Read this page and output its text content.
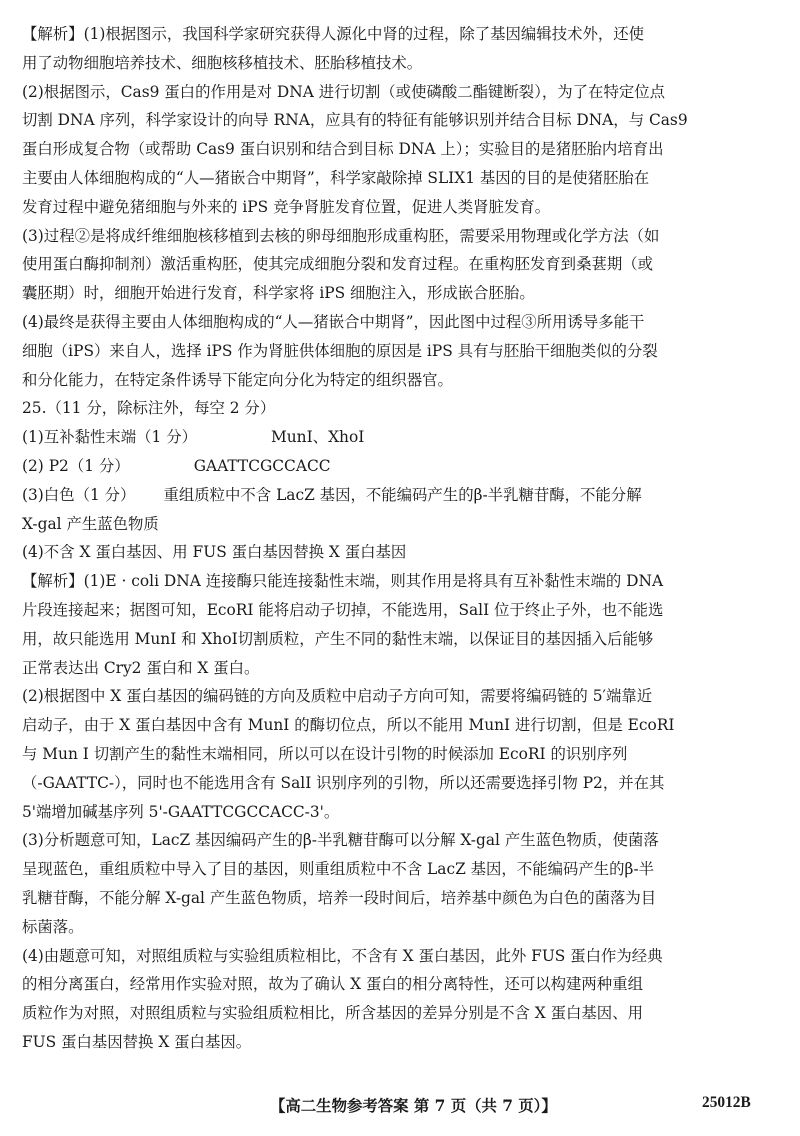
【解析】(1)根据图示，我国科学家研究获得人源化中肾的过程，除了基因编辑技术外，还使
用了动物细胞培养技术、细胞核移植技术、胚胎移植技术。
(2)根据图示，Cas9 蛋白的作用是对 DNA 进行切割（或使磷酸二酯键断裂），为了在特定位点
切割 DNA 序列，科学家设计的向导 RNA，应具有的特征有能够识别并结合目标 DNA，与 Cas9
蛋白形成复合物（或帮助 Cas9 蛋白识别和结合到目标 DNA 上）；实验目的是猪胚胎内培育出
主要由人体细胞构成的“人—猪嵌合中期肾”，科学家敲除掉 SLIX1 基因的目的是使猪胚胎在
发育过程中避免猪细胞与外来的 iPS 竞争肾脏发育位置，促进人类肾脏发育。
(3)过程②是将成纤维细胞核移植到去核的卵母细胞形成重构胚，需要采用物理或化学方法（如
使用蛋白酶抑制剂）激活重构胚，使其完成细胞分裂和发育过程。在重构胚发育到桑葚期（或
囊胚期）时，细胞开始进行发育，科学家将 iPS 细胞注入，形成嵌合胚胎。
(4)最终是获得主要由人体细胞构成的“人—猪嵌合中期肾”，因此图中过程③所用诱导多能干
细胞（iPS）来自人，选择 iPS 作为肾脏供体细胞的原因是 iPS 具有与胚胎干细胞类似的分裂
和分化能力，在特定条件诱导下能定向分化为特定的组织器官。
25.（11 分，除标注外，每空 2 分）
(1)互补黏性末端（1 分）	MunI、XhoI
(2) P2（1 分）	GAATTCGCCACC
(3)白色（1 分） 重组质粒中不含 LacZ 基因，不能编码产生的β-半乳糖苷酶，不能分解
X-gal 产生蓝色物质
(4)不含 X 蛋白基因、用 FUS 蛋白基因替换 X 蛋白基因
【解析】(1)E · coli DNA 连接酶只能连接黏性末端，则其作用是将具有互补黏性末端的 DNA
片段连接起来；据图可知，EcoRI 能将启动子切掉，不能选用，SalI 位于终止子外，也不能选
用，故只能选用 MunI 和 XhoI切割质粒，产生不同的黏性末端，以保证目的基因插入后能够
正常表达出 Cry2 蛋白和 X 蛋白。
(2)根据图中 X 蛋白基因的编码链的方向及质粒中启动子方向可知，需要将编码链的 5′端靠近
启动子，由于 X 蛋白基因中含有 MunI 的酶切位点，所以不能用 MunI 进行切割，但是 EcoRI
与 Mun I 切割产生的黏性末端相同，所以可以在设计引物的时候添加 EcoRI 的识别序列
（-GAATTC-），同时也不能选用含有 SalI 识别序列的引物，所以还需要选择引物 P2，并在其
5'端增加碱基序列 5'-GAATTCGCCACC-3'。
(3)分析题意可知，LacZ 基因编码产生的β-半乳糖苷酶可以分解 X-gal 产生蓝色物质，使菌落
呈现蓝色，重组质粒中导入了目的基因，则重组质粒中不含 LacZ 基因，不能编码产生的β-半
乳糖苷酶，不能分解 X-gal 产生蓝色物质，培养一段时间后，培养基中颜色为白色的菌落为目
标菌落。
(4)由题意可知，对照组质粒与实验组质粒相比，不含有 X 蛋白基因，此外 FUS 蛋白作为经典
的相分离蛋白，经常用作实验对照，故为了确认 X 蛋白的相分离特性，还可以构建两种重组
质粒作为对照，对照组质粒与实验组质粒相比，所含基因的差异分别是不含 X 蛋白基因、用
FUS 蛋白基因替换 X 蛋白基因。
【高二生物参考答案 第 7 页（共 7 页）】	25012B
